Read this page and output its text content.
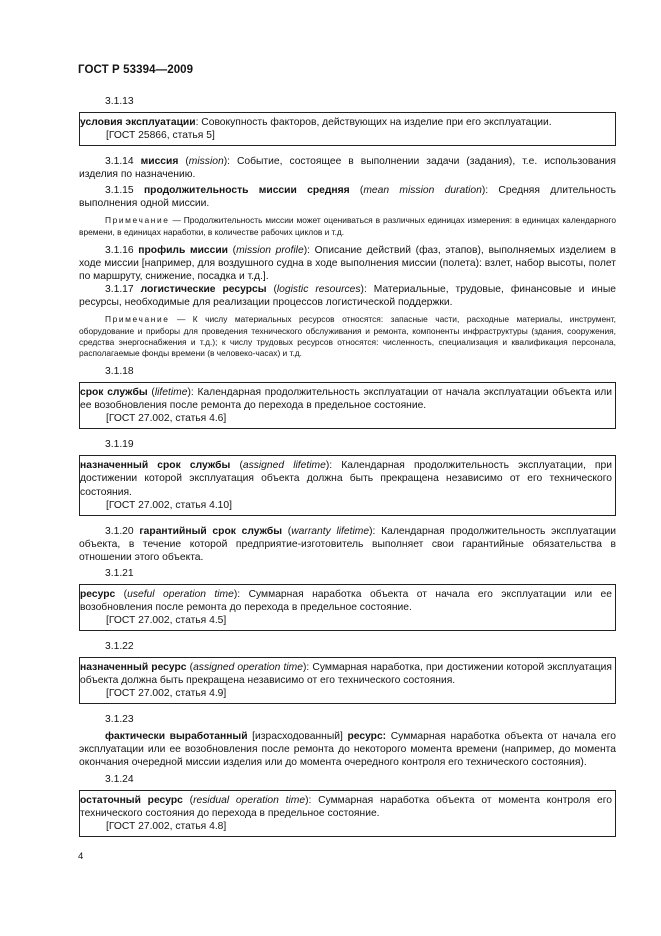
ГОСТ Р 53394—2009
3.1.13

условия эксплуатации: Совокупность факторов, действующих на изделие при его эксплуатации.

[ГОСТ 25866, статья 5]

3.1.14 миссия (mission): Событие, состоящее в выполнении задачи (задания), т.е. использования изделия по назначению.

3.1.15 продолжительность миссии средняя (mean mission duration): Средняя длительность выполнения одной миссии.

Примечание — Продолжительность миссии может оцениваться в различных единицах измерения: в единицах календарного времени, в единицах наработки, в количестве рабочих циклов и т.д.

3.1.16 профиль миссии (mission profile): Описание действий (фаз, этапов), выполняемых изделием в ходе миссии [например, для воздушного судна в ходе выполнения миссии (полета): взлет, набор высоты, полет по маршруту, снижение, посадка и т.д.].

3.1.17 логистические ресурсы (logistic resources): Материальные, трудовые, финансовые и иные ресурсы, необходимые для реализации процессов логистической поддержки.

Примечание — К числу материальных ресурсов относятся: запасные части, расходные материалы, инструмент, оборудование и приборы для проведения технического обслуживания и ремонта, компоненты инфраструктуры (здания, сооружения, средства энергоснабжения и т.д.); к числу трудовых ресурсов относятся: численность, специализация и квалификация персонала, располагаемые фонды времени (в человеко-часах) и т.д.

3.1.18

срок службы (lifetime): Календарная продолжительность эксплуатации от начала эксплуатации объекта или ее возобновления после ремонта до перехода в предельное состояние.

[ГОСТ 27.002, статья 4.6]
3.1.19

назначенный срок службы (assigned lifetime): Календарная продолжительность эксплуатации, при достижении которой эксплуатация объекта должна быть прекращена независимо от его технического состояния.

[ГОСТ 27.002, статья 4.10]

3.1.20 гарантийный срок службы (warranty lifetime): Календарная продолжительность эксплуатации объекта, в течение которой предприятие-изготовитель выполняет свои гарантийные обязательства в отношении этого объекта.

3.1.21

ресурс (useful operation time): Суммарная наработка объекта от начала его эксплуатации или ее возобновления после ремонта до перехода в предельное состояние.

[ГОСТ 27.002, статья 4.5]
3.1.22

назначенный ресурс (assigned operation time): Суммарная наработка, при достижении которой эксплуатация объекта должна быть прекращена независимо от его технического состояния.

[ГОСТ 27.002, статья 4.9]
3.1.23

фактически выработанный [израсходованный] ресурс: Суммарная наработка объекта от начала его эксплуатации или ее возобновления после ремонта до некоторого момента времени (например, до момента окончания очередной миссии изделия или до момента очередного контроля его технического состояния).

3.1.24

остаточный ресурс (residual operation time): Суммарная наработка объекта от момента контроля его технического состояния до перехода в предельное состояние.

[ГОСТ 27.002, статья 4.8]
4
